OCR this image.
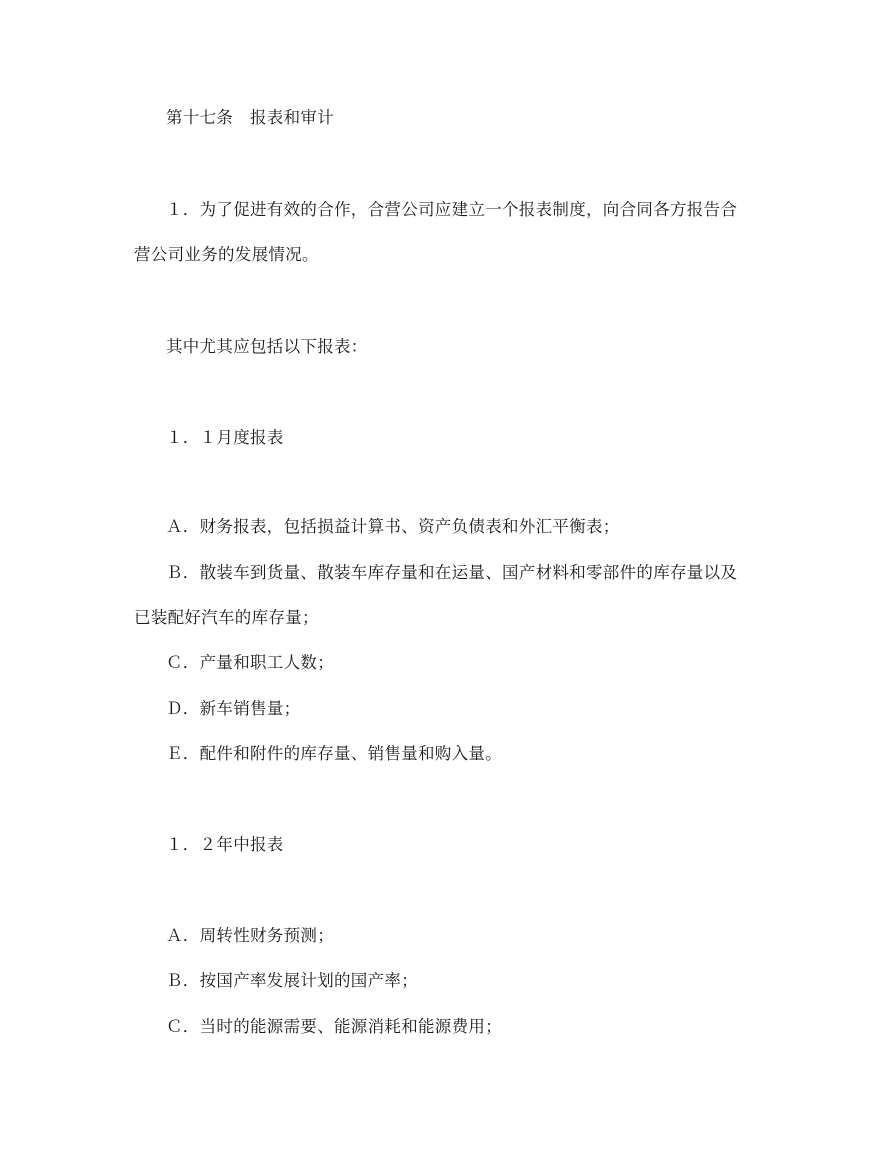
第十七条　报表和审计
１．为了促进有效的合作，合营公司应建立一个报表制度，向合同各方报告合
营公司业务的发展情况。
其中尤其应包括以下报表：
１．１月度报表
Ａ．财务报表，包括损益计算书、资产负债表和外汇平衡表；
Ｂ．散装车到货量、散装车库存量和在运量、国产材料和零部件的库存量以及
已装配好汽车的库存量；
Ｃ．产量和职工人数；
Ｄ．新车销售量；
Ｅ．配件和附件的库存量、销售量和购入量。
１．２年中报表
Ａ．周转性财务预测；
Ｂ．按国产率发展计划的国产率；
Ｃ．当时的能源需要、能源消耗和能源费用；
